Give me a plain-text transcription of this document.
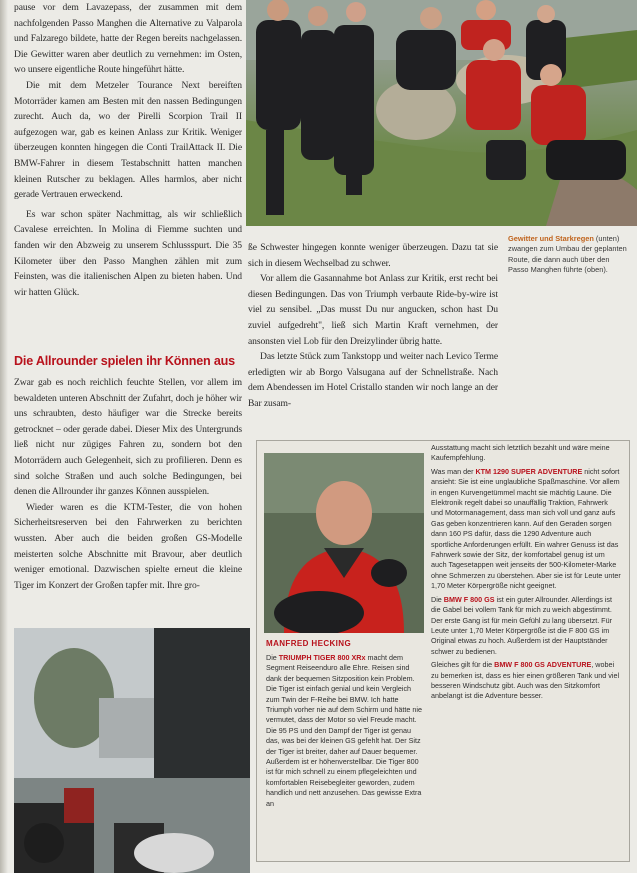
pause vor dem Lavazepass, der zusammen mit dem nachfolgenden Passo Manghen die Alternative zu Valparola und Falzarego bildete, hatte der Regen bereits nachgelassen. Die Gewitter waren aber deutlich zu vernehmen: im Osten, wo unsere eigentliche Route hingeführt hätte.

Die mit dem Metzeler Tourance Next bereiften Motorräder kamen am Besten mit den nassen Bedingungen zurecht. Auch da, wo der Pirelli Scorpion Trail II aufgezogen war, gab es keinen Anlass zur Kritik. Weniger überzeugen konnten hingegen die Conti TrailAttack II. Die BMW-Fahrer in diesem Testabschnitt hatten manchen kleinen Rutscher zu beklagen. Alles harmlos, aber nicht gerade Vertrauen erweckend.

Es war schon später Nachmittag, als wir schließlich Cavalese erreichten. In Molina di Fiemme suchten und fanden wir den Abzweig zu unserem Schlussspurt. Die 35 Kilometer über den Passo Manghen zählen mit zum Feinsten, was die italienischen Alpen zu bieten haben. Und wir hatten Glück.

Die Allrounder spielen ihr Können aus

Zwar gab es noch reichlich feuchte Stellen, vor allem im bewaldeten unteren Abschnitt der Zufahrt, doch je höher wir uns schraubten, desto häufiger war die Strecke bereits getrocknet – oder gerade dabei. Dieser Mix des Untergrunds ließ nicht nur zügiges Fahren zu, sondern bot den Motorrädern auch Gelegenheit, sich zu profilieren. Denn es sind solche Straßen und auch solche Bedingungen, bei denen die Allrounder ihr ganzes Können ausspielen.

Wieder waren es die KTM-Tester, die von hohen Sicherheitsreserven bei den Fahrwerken zu berichten wussten. Aber auch die beiden großen GS-Modelle meisterten solche Abschnitte mit Bravour, aber deutlich weniger emotional. Dazwischen spielte erneut die kleine Tiger im Konzert der Großen tapfer mit. Ihre gro-

ße Schwester hingegen konnte weniger überzeugen. Dazu tat sie sich in diesem Wechselbad zu schwer.

Vor allem die Gasannahme bot Anlass zur Kritik, erst recht bei diesen Bedingungen. Das von Triumph verbaute Ride-by-wire ist viel zu sensibel. „Das musst Du nur angucken, schon hast Du zuviel aufgedreht", ließ sich Martin Kraft vernehmen, der ansonsten viel Lob für den Dreizylinder übrig hatte.

Das letzte Stück zum Tankstopp und weiter nach Levico Terme erledigten wir ab Borgo Valsugana auf der Schnellstraße. Nach dem Abendessen im Hotel Cristallo standen wir noch lange an der Bar zusam-

Gewitter und Starkregen (unten) zwangen zum Umbau der geplanten Route, die dann auch über den Passo Manghen führte (oben).
MANFRED HECKING
Die TRIUMPH TIGER 800 XRx macht dem Segment Reiseenduro alle Ehre. Reisen sind dank der bequemen Sitzposition kein Problem. Die Tiger ist einfach genial und kein Vergleich zum Twin der F-Reihe bei BMW. Ich hatte Triumph vorher nie auf dem Schirm und hätte nie vermutet, dass der Motor so viel Freude macht. Die 95 PS und den Dampf der Tiger ist genau das, was bei der kleinen GS gefehlt hat. Der Sitz der Tiger ist breiter, daher auf Dauer bequemer. Außerdem ist er höhenverstellbar. Die Tiger 800 ist für mich schnell zu einem pflegeleichten und komfortablen Reisebegleiter geworden, zudem handlich und nett anzusehen. Das gewisse Extra an
Ausstattung macht sich letztlich bezahlt und wäre meine Kaufempfehlung.
Was man der KTM 1290 SUPER ADVENTURE nicht sofort ansieht: Sie ist eine unglaubliche Spaßmaschine. Vor allem in engen Kurvengetümmel macht sie mächtig Laune. Die Elektronik regelt dabei so unauffällig Traktion, Fahrwerk und Motormanagement, dass man sich voll und ganz aufs Gas geben konzentrieren kann. Auf den Geraden sorgen dann 160 PS dafür, dass die 1290 Adventure auch sportliche Anforderungen erfüllt. Ein wahrer Genuss ist das Fahrwerk sowie der Sitz, der komfortabel genug ist um auch Tagesetappen weit jenseits der 500-Kilometer-Marke ohne Schmerzen zu überstehen. Aber sie ist für Leute unter 1,70 Meter Körpergröße nicht geeignet.
Die BMW F 800 GS ist ein guter Allrounder. Allerdings ist die Gabel bei vollem Tank für mich zu weich abgestimmt. Der erste Gang ist für mein Gefühl zu lang übersetzt. Für Leute unter 1,70 Meter Körpergröße ist die F 800 GS im Original etwas zu hoch. Außerdem ist der Hauptständer schwer zu bedienen.
Gleiches gilt für die BMW F 800 GS ADVENTURE, wobei zu bemerken ist, dass es hier einen größeren Tank und viel besseren Windschutz gibt. Auch was den Sitzkomfort anbelangt ist die Adventure besser.
